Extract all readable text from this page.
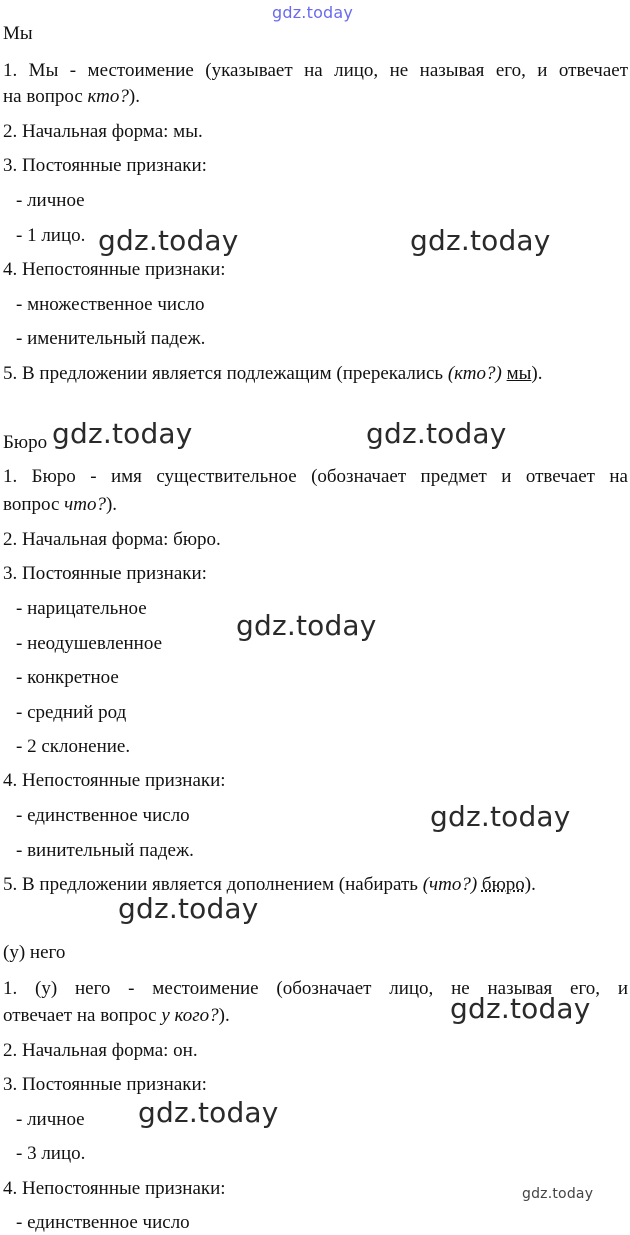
gdz.today
gdz.today	gdz.today
gdz.today	gdz.today
gdz.today
gdz.today
gdz.today
gdz.today
gdz.today
gdz.today
Мы
1. Мы - местоимение (указывает на лицо, не называя его, и отвечает
на вопрос кто?).
2. Начальная форма: мы.
3. Постоянные признаки:
- личное
- 1 лицо.
4. Непостоянные признаки:
- множественное число
- именительный падеж.
5. В предложении является подлежащим (пререкались (кто?) мы).
Бюро
1. Бюро - имя существительное (обозначает предмет и отвечает на
вопрос что?).
2. Начальная форма: бюро.
3. Постоянные признаки:
- нарицательное
- неодушевленное
- конкретное
- средний род
- 2 склонение.
4. Непостоянные признаки:
- единственное число
- винительный падеж.
5. В предложении является дополнением (набирать (что?) бюро).
(у) него
1. (у) него - местоимение (обозначает лицо, не называя его, и
отвечает на вопрос у кого?).
2. Начальная форма: он.
3. Постоянные признаки:
- личное
- 3 лицо.
4. Непостоянные признаки:
- единственное число
